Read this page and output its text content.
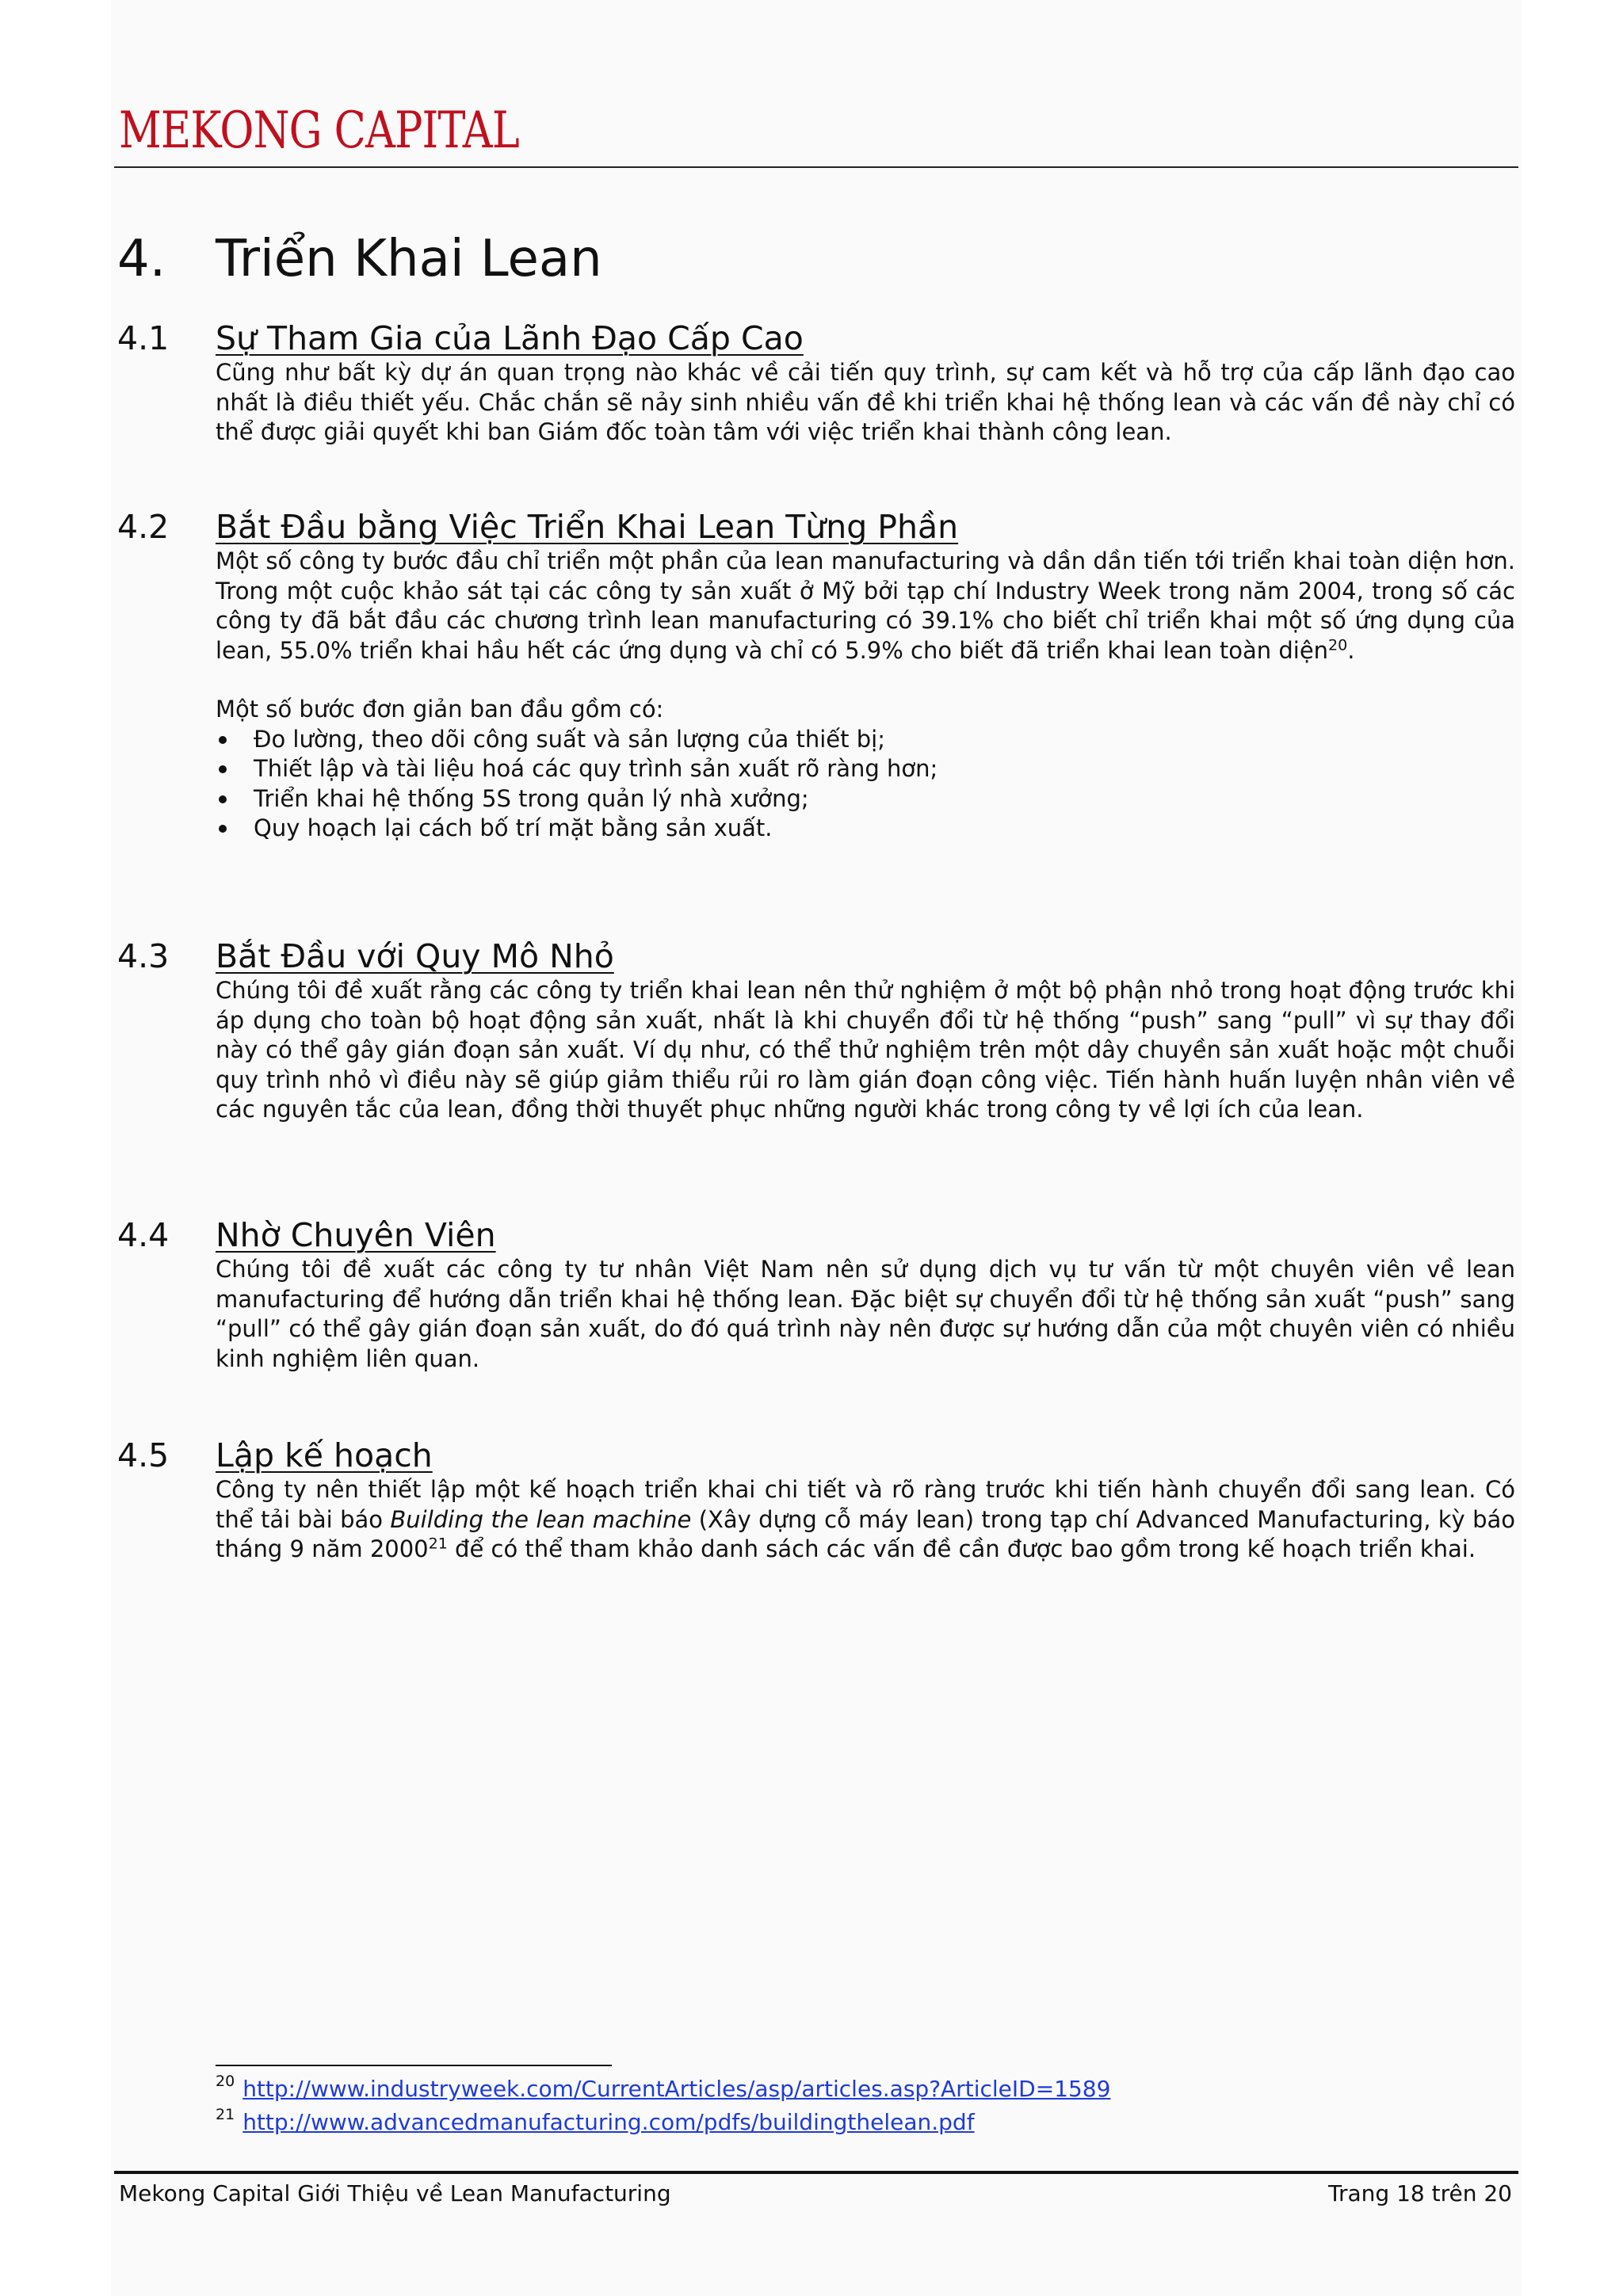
MEKONG CAPITAL
4. Triển Khai Lean
4.1	Sự Tham Gia của Lãnh Đạo Cấp Cao

Cũng như bất kỳ dự án quan trọng nào khác về cải tiến quy trình, sự cam kết và hỗ trợ của cấp lãnh đạo cao nhất là điều thiết yếu. Chắc chắn sẽ nảy sinh nhiều vấn đề khi triển khai hệ thống lean và các vấn đề này chỉ có thể được giải quyết khi ban Giám đốc toàn tâm với việc triển khai thành công lean.

4.2	Bắt Đầu bằng Việc Triển Khai Lean Từng Phần

Một số công ty bước đầu chỉ triển một phần của lean manufacturing và dần dần tiến tới triển khai toàn diện hơn. Trong một cuộc khảo sát tại các công ty sản xuất ở Mỹ bởi tạp chí Industry Week trong năm 2004, trong số các công ty đã bắt đầu các chương trình lean manufacturing có 39.1% cho biết chỉ triển khai một số ứng dụng của lean, 55.0% triển khai hầu hết các ứng dụng và chỉ có 5.9% cho biết đã triển khai lean toàn diện$^{20}$.

Một số bước đơn giản ban đầu gồm có:

Đo lường, theo dõi công suất và sản lượng của thiết bị;
Thiết lập và tài liệu hoá các quy trình sản xuất rõ ràng hơn;
Triển khai hệ thống 5S trong quản lý nhà xưởng;
Quy hoạch lại cách bố trí mặt bằng sản xuất.
4.3	Bắt Đầu với Quy Mô Nhỏ

Chúng tôi đề xuất rằng các công ty triển khai lean nên thử nghiệm ở một bộ phận nhỏ trong hoạt động trước khi áp dụng cho toàn bộ hoạt động sản xuất, nhất là khi chuyển đổi từ hệ thống “push” sang “pull” vì sự thay đổi này có thể gây gián đoạn sản xuất. Ví dụ như, có thể thử nghiệm trên một dây chuyền sản xuất hoặc một chuỗi quy trình nhỏ vì điều này sẽ giúp giảm thiểu rủi ro làm gián đoạn công việc. Tiến hành huấn luyện nhân viên về các nguyên tắc của lean, đồng thời thuyết phục những người khác trong công ty về lợi ích của lean.

4.4	Nhờ Chuyên Viên

Chúng tôi đề xuất các công ty tư nhân Việt Nam nên sử dụng dịch vụ tư vấn từ một chuyên viên về lean manufacturing để hướng dẫn triển khai hệ thống lean. Đặc biệt sự chuyển đổi từ hệ thống sản xuất “push” sang “pull” có thể gây gián đoạn sản xuất, do đó quá trình này nên được sự hướng dẫn của một chuyên viên có nhiều kinh nghiệm liên quan.

4.5	Lập kế hoạch

Công ty nên thiết lập một kế hoạch triển khai chi tiết và rõ ràng trước khi tiến hành chuyển đổi sang lean. Có thể tải bài báo Building the lean machine (Xây dựng cỗ máy lean) trong tạp chí Advanced Manufacturing, kỳ báo tháng 9 năm 2000$^{21}$ để có thể tham khảo danh sách các vấn đề cần được bao gồm trong kế hoạch triển khai.

20 http://www.industryweek.com/CurrentArticles/asp/articles.asp?ArticleID=1589
21 http://www.advancedmanufacturing.com/pdfs/buildingthelean.pdf
Mekong Capital Giới Thiệu về Lean Manufacturing	Trang 18 trên 20
